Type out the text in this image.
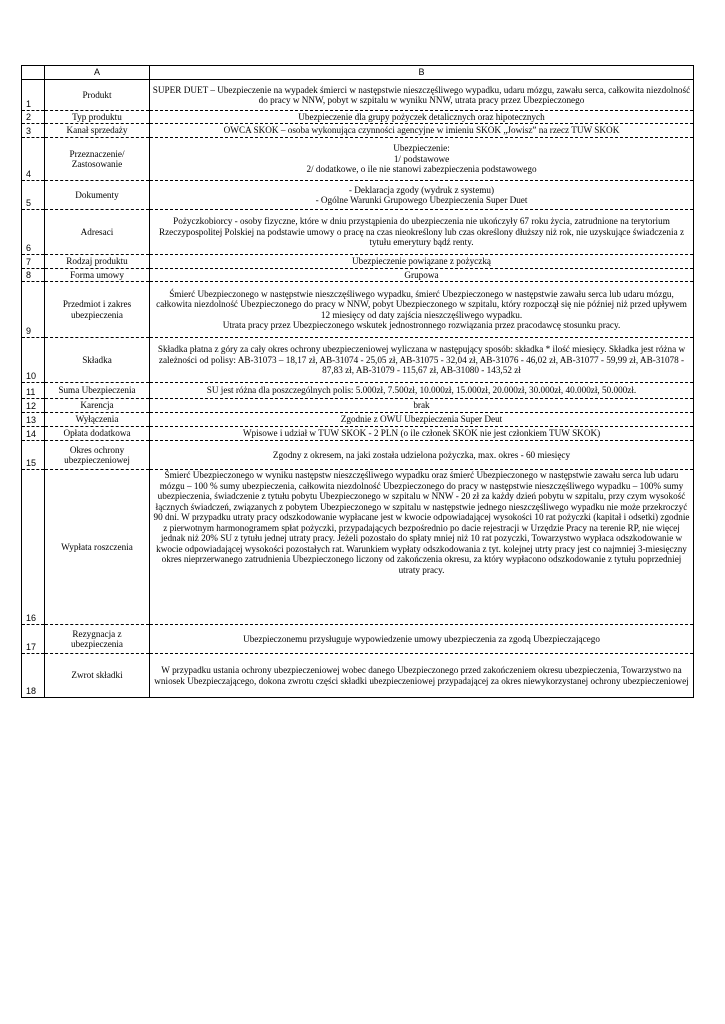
	A	B
1	Produkt	SUPER DUET – Ubezpieczenie na wypadek śmierci w następstwie nieszczęśliwego wypadku, udaru mózgu, zawału serca, całkowita niezdolność do pracy w NNW, pobyt w szpitalu w wyniku NNW, utrata pracy przez Ubezpieczonego

2	Typ produktu	Ubezpieczenie dla grupy pożyczek detalicznych oraz hipotecznych

3	Kanał sprzedaży	OWCA SKOK – osoba wykonująca czynności agencyjne w imieniu SKOK „Jowisz” na rzecz TUW SKOK

4	Przeznaczenie/ Zastosowanie	Ubezpieczenie:
1/ podstawowe
2/ dodatkowe, o ile nie stanowi zabezpieczenia podstawowego

5	Dokumenty	- Deklaracja zgody (wydruk z systemu)
- Ogólne Warunki Grupowego Ubezpieczenia Super Duet

6	Adresaci	Pożyczkobiorcy - osoby fizyczne, które w dniu przystąpienia do ubezpieczenia nie ukończyły 67 roku życia, zatrudnione na terytorium Rzeczypospolitej Polskiej na podstawie umowy o pracę na czas nieokreślony lub czas określony dłuższy niż rok, nie uzyskujące świadczenia z tytułu emerytury bądź renty.

7	Rodzaj produktu	Ubezpieczenie powiązane z pożyczką

8	Forma umowy	Grupowa

9	Przedmiot i zakres ubezpieczenia	Śmierć Ubezpieczonego w następstwie nieszczęśliwego wypadku, śmierć Ubezpieczonego w następstwie zawału serca lub udaru mózgu, całkowita niezdolność Ubezpieczonego do pracy w NNW, pobyt Ubezpieczonego w szpitalu, który rozpoczął się nie później niż przed upływem 12 miesięcy od daty zajścia nieszczęśliwego wypadku.
Utrata pracy przez Ubezpieczonego wskutek jednostronnego rozwiązania przez pracodawcę stosunku pracy.

10	Składka	Składka płatna z góry za cały okres ochrony ubezpieczeniowej wyliczana w następujący sposób: składka * ilość miesięcy. Składka jest różna w zależności od polisy: AB-31073 – 18,17 zł, AB-31074 - 25,05 zł, AB-31075 - 32,04 zł, AB-31076 - 46,02 zł, AB-31077 - 59,99 zł, AB-31078 - 87,83 zł, AB-31079 - 115,67 zł, AB-31080 - 143,52 zł

11	Suma Ubezpieczenia	SU jest różna dla poszczególnych polis: 5.000zł, 7.500zł, 10.000zł, 15.000zł, 20.000zł, 30.000zł, 40.000zł, 50.000zł.

12	Karencja	brak

13	Wyłączenia	Zgodnie z OWU Ubezpieczenia Super Deut

14	Opłata dodatkowa	Wpisowe i udział w TUW SKOK - 2 PLN (o ile członek SKOK nie jest członkiem TUW SKOK)

15	Okres ochrony ubezpieczeniowej	Zgodny z okresem, na jaki została udzielona pożyczka, max. okres - 60 miesięcy

16	Wypłata roszczenia	Śmierć Ubezpieczonego w wyniku następstw nieszczęśliwego wypadku oraz śmierć Ubezpieczonego w następstwie zawału serca lub udaru mózgu – 100 % sumy ubezpieczenia, całkowita niezdolność Ubezpieczonego do pracy w następstwie nieszczęśliwego wypadku – 100% sumy ubezpieczenia, świadczenie z tytułu pobytu Ubezpieczonego w szpitalu w NNW - 20 zł za każdy dzień pobytu w szpitalu, przy czym wysokość łącznych świadczeń, związanych z pobytem Ubezpieczonego w szpitalu w następstwie jednego nieszczęśliwego wypadku nie może przekroczyć 90 dni. W przypadku utraty pracy odszkodowanie wypłacane jest w kwocie odpowiadającej wysokości 10 rat pożyczki (kapitał i odsetki) zgodnie z pierwotnym harmonogramem spłat pożyczki, przypadających bezpośrednio po dacie rejestracji w Urzędzie Pracy na terenie RP, nie więcej jednak niż 20% SU z tytułu jednej utraty pracy. Jeżeli pozostało do spłaty mniej niż 10 rat pozyczki, Towarzystwo wypłaca odszkodowanie w kwocie odpowiadającej wysokości pozostałych rat. Warunkiem wypłaty odszkodowania z tyt. kolejnej utrty pracy jest co najmniej 3-miesięczny okres nieprzerwanego zatrudnienia Ubezpieczonego liczony od zakończenia okresu, za który wypłacono odszkodowanie z tytułu poprzedniej utraty pracy.

17	Rezygnacja z ubezpieczenia	Ubezpieczonemu przysługuje wypowiedzenie umowy ubezpieczenia za zgodą Ubezpieczającego

18	Zwrot składki	W przypadku ustania ochrony ubezpieczeniowej wobec danego Ubezpieczonego przed zakończeniem okresu ubezpieczenia, Towarzystwo na wniosek Ubezpieczającego, dokona zwrotu części składki ubezpieczeniowej przypadającej za okres niewykorzystanej ochrony ubezpieczeniowej
